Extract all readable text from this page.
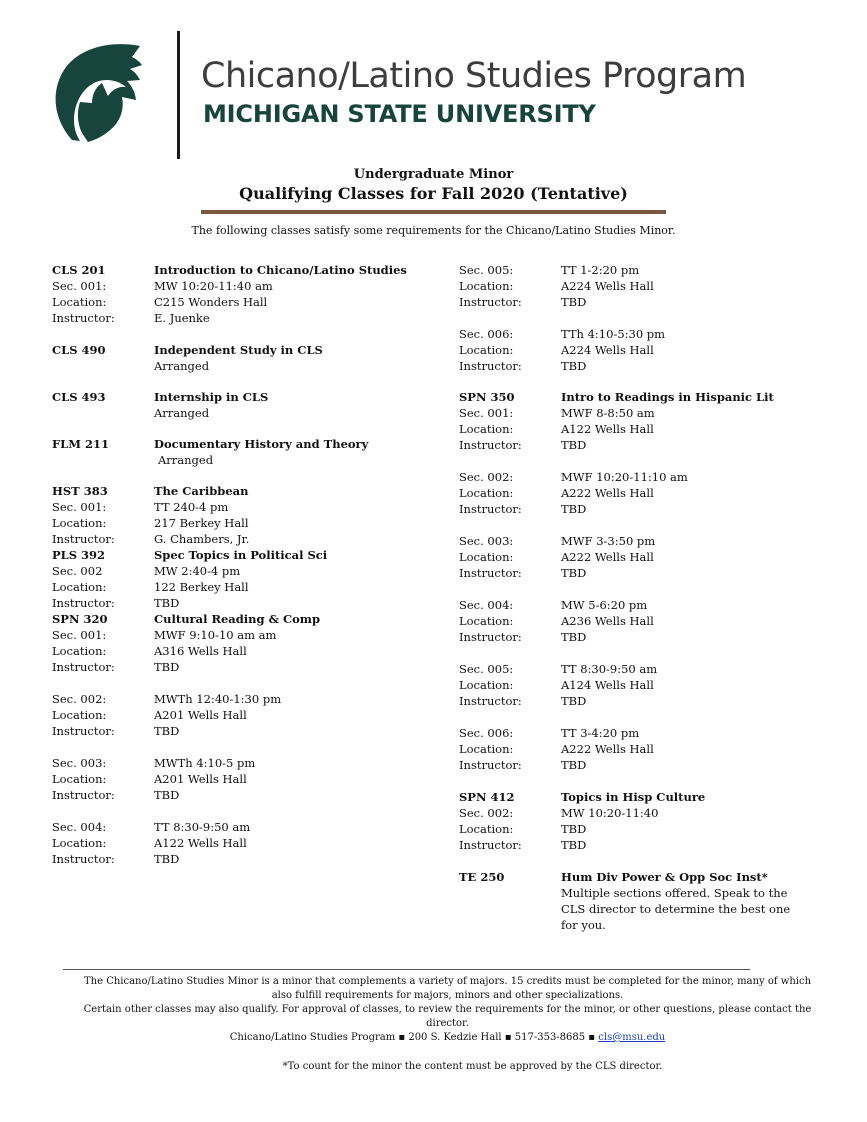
Chicano/Latino Studies Program
MICHIGAN STATE UNIVERSITY
Undergraduate Minor
Qualifying Classes for Fall 2020 (Tentative)
The following classes satisfy some requirements for the Chicano/Latino Studies Minor.
CLS 201	Introduction to Chicano/Latino Studies
Sec. 001:	MW 10:20-11:40 am
Location:	C215 Wonders Hall
Instructor:	E. Juenke
CLS 490	Independent Study in CLS
Arranged
CLS 493	Internship in CLS
Arranged
FLM 211	Documentary History and Theory
Arranged
HST 383	The Caribbean
Sec. 001:	TT 240-4 pm
Location:	217 Berkey Hall
Instructor:	G. Chambers, Jr.
PLS 392	Spec Topics in Political Sci
Sec. 002	MW 2:40-4 pm
Location:	122 Berkey Hall
Instructor:	TBD
SPN 320	Cultural Reading & Comp
Sec. 001:	MWF 9:10-10 am am
Location:	A316 Wells Hall
Instructor:	TBD
Sec. 002:	MWTh 12:40-1:30 pm
Location:	A201 Wells Hall
Instructor:	TBD
Sec. 003:	MWTh 4:10-5 pm
Location:	A201 Wells Hall
Instructor:	TBD
Sec. 004:	TT 8:30-9:50 am
Location:	A122 Wells Hall
Instructor:	TBD
Sec. 005:	TT 1-2:20 pm
Location:	A224 Wells Hall
Instructor:	TBD
Sec. 006:	TTh 4:10-5:30 pm
Location:	A224 Wells Hall
Instructor:	TBD
SPN 350	Intro to Readings in Hispanic Lit
Sec. 001:	MWF 8-8:50 am
Location:	A122 Wells Hall
Instructor:	TBD
Sec. 002:	MWF 10:20-11:10 am
Location:	A222 Wells Hall
Instructor:	TBD
Sec. 003:	MWF 3-3:50 pm
Location:	A222 Wells Hall
Instructor:	TBD
Sec. 004:	MW 5-6:20 pm
Location:	A236 Wells Hall
Instructor:	TBD
Sec. 005:	TT 8:30-9:50 am
Location:	A124 Wells Hall
Instructor:	TBD
Sec. 006:	TT 3-4:20 pm
Location:	A222 Wells Hall
Instructor:	TBD
SPN 412	Topics in Hisp Culture
Sec. 002:	MW 10:20-11:40
Location:	TBD
Instructor:	TBD
TE 250	Hum Div Power & Opp Soc Inst*
Multiple sections offered. Speak to the CLS director to determine the best one for you.
The Chicano/Latino Studies Minor is a minor that complements a variety of majors. 15 credits must be completed for the minor, many of which also fulfill requirements for majors, minors and other specializations.
Certain other classes may also qualify. For approval of classes, to review the requirements for the minor, or other questions, please contact the director.
Chicano/Latino Studies Program ▪ 200 S. Kedzie Hall ▪ 517-353-8685 ▪ cls@msu.edu
*To count for the minor the content must be approved by the CLS director.
